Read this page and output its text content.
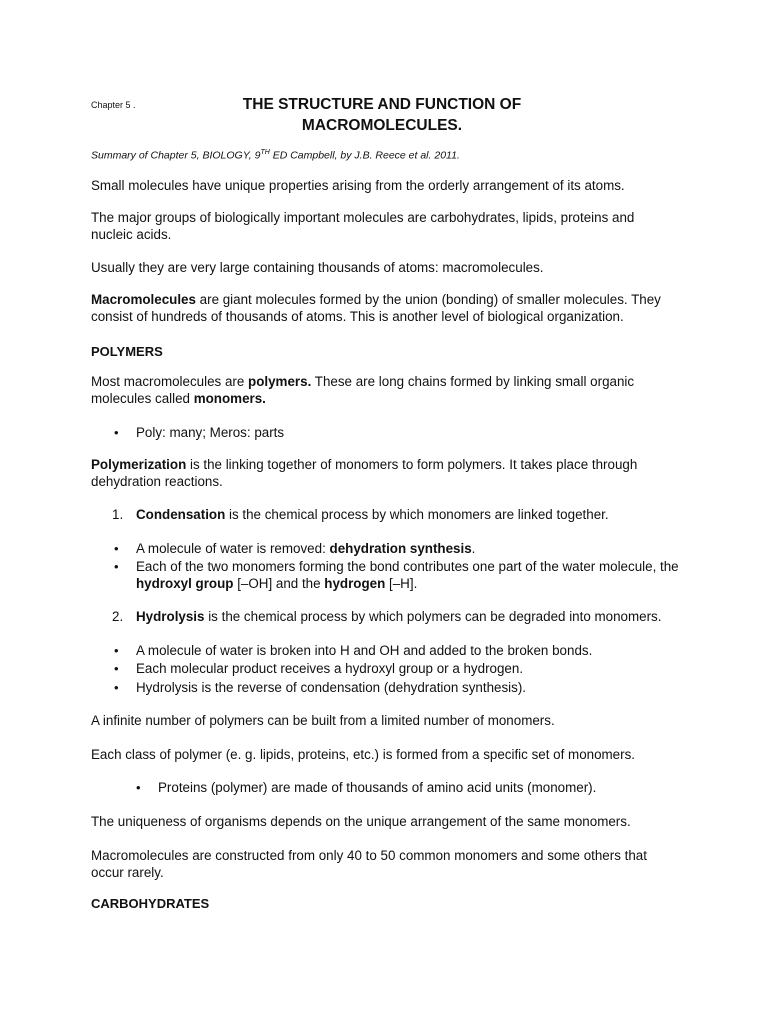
Chapter 5 .	THE STRUCTURE AND FUNCTION OF
MACROMOLECULES.
Summary of Chapter 5, BIOLOGY, 9TH ED Campbell, by J.B. Reece et al. 2011.
Small molecules have unique properties arising from the orderly arrangement of its atoms.
The major groups of biologically important molecules are carbohydrates, lipids, proteins and nucleic acids.
Usually they are very large containing thousands of atoms: macromolecules.
Macromolecules are giant molecules formed by the union (bonding) of smaller molecules. They consist of hundreds of thousands of atoms. This is another level of biological organization.
POLYMERS
Most macromolecules are polymers. These are long chains formed by linking small organic molecules called monomers.
•	Poly: many; Meros: parts
Polymerization is the linking together of monomers to form polymers. It takes place through dehydration reactions.
1. Condensation is the chemical process by which monomers are linked together.
•	A molecule of water is removed: dehydration synthesis.
•	Each of the two monomers forming the bond contributes one part of the water molecule, the hydroxyl group [–OH] and the hydrogen [–H].
2. Hydrolysis is the chemical process by which polymers can be degraded into monomers.
•	A molecule of water is broken into H and OH and added to the broken bonds.
•	Each molecular product receives a hydroxyl group or a hydrogen.
•	Hydrolysis is the reverse of condensation (dehydration synthesis).
A infinite number of polymers can be built from a limited number of monomers.
Each class of polymer (e. g. lipids, proteins, etc.) is formed from a specific set of monomers.
•	Proteins (polymer) are made of thousands of amino acid units (monomer).
The uniqueness of organisms depends on the unique arrangement of the same monomers.
Macromolecules are constructed from only 40 to 50 common monomers and some others that occur rarely.
CARBOHYDRATES
